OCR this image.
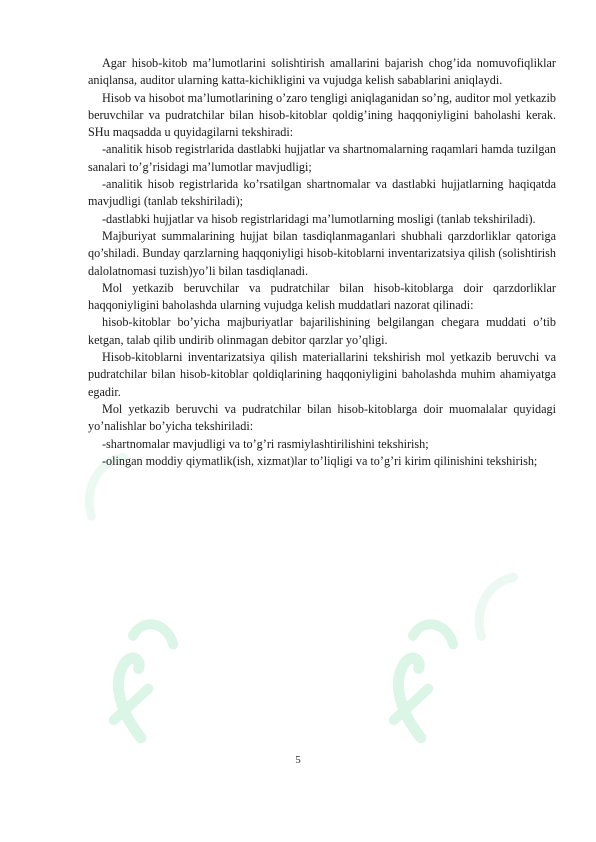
Agar hisob-kitob ma’lumotlarini solishtirish amallarini bajarish chog’ida nomuvofiqliklar aniqlansa, auditor ularning katta-kichikligini va vujudga kelish sabablarini aniqlaydi.

Hisob va hisobot ma’lumotlarining o’zaro tengligi aniqlaganidan so’ng, auditor mol yetkazib beruvchilar va pudratchilar bilan hisob-kitoblar qoldig’ining haqqoniyligini baholashi kerak. SHu maqsadda u quyidagilarni tekshiradi:

-analitik hisob registrlarida dastlabki hujjatlar va shartnomalarning raqamlari hamda tuzilgan sanalari to’g’risidagi ma’lumotlar mavjudligi;

-analitik hisob registrlarida ko’rsatilgan shartnomalar va dastlabki hujjatlarning haqiqatda mavjudligi (tanlab tekshiriladi);

-dastlabki hujjatlar va hisob registrlaridagi ma’lumotlarning mosligi (tanlab tekshiriladi).

Majburiyat summalarining hujjat bilan tasdiqlanmaganlari shubhali qarzdorliklar qatoriga qo’shiladi. Bunday qarzlarning haqqoniyligi hisob-kitoblarni inventarizatsiya qilish (solishtirish dalolatnomasi tuzish)yo’li bilan tasdiqlanadi.

Mol yetkazib beruvchilar va pudratchilar bilan hisob-kitoblarga doir qarzdorliklar haqqoniyligini baholashda ularning vujudga kelish muddatlari nazorat qilinadi:

hisob-kitoblar bo’yicha majburiyatlar bajarilishining belgilangan chegara muddati o’tib ketgan, talab qilib undirib olinmagan debitor qarzlar yo’qligi.

Hisob-kitoblarni inventarizatsiya qilish materiallarini tekshirish mol yetkazib beruvchi va pudratchilar bilan hisob-kitoblar qoldiqlarining haqqoniyligini baholashda muhim ahamiyatga egadir.

Mol yetkazib beruvchi va pudratchilar bilan hisob-kitoblarga doir muomalalar quyidagi yo’nalishlar bo’yicha tekshiriladi:

-shartnomalar mavjudligi va to’g’ri rasmiylashtirilishini tekshirish;

-olingan moddiy qiymatlik(ish, xizmat)lar to’liqligi va to’g’ri kirim qilinishini tekshirish;

5
